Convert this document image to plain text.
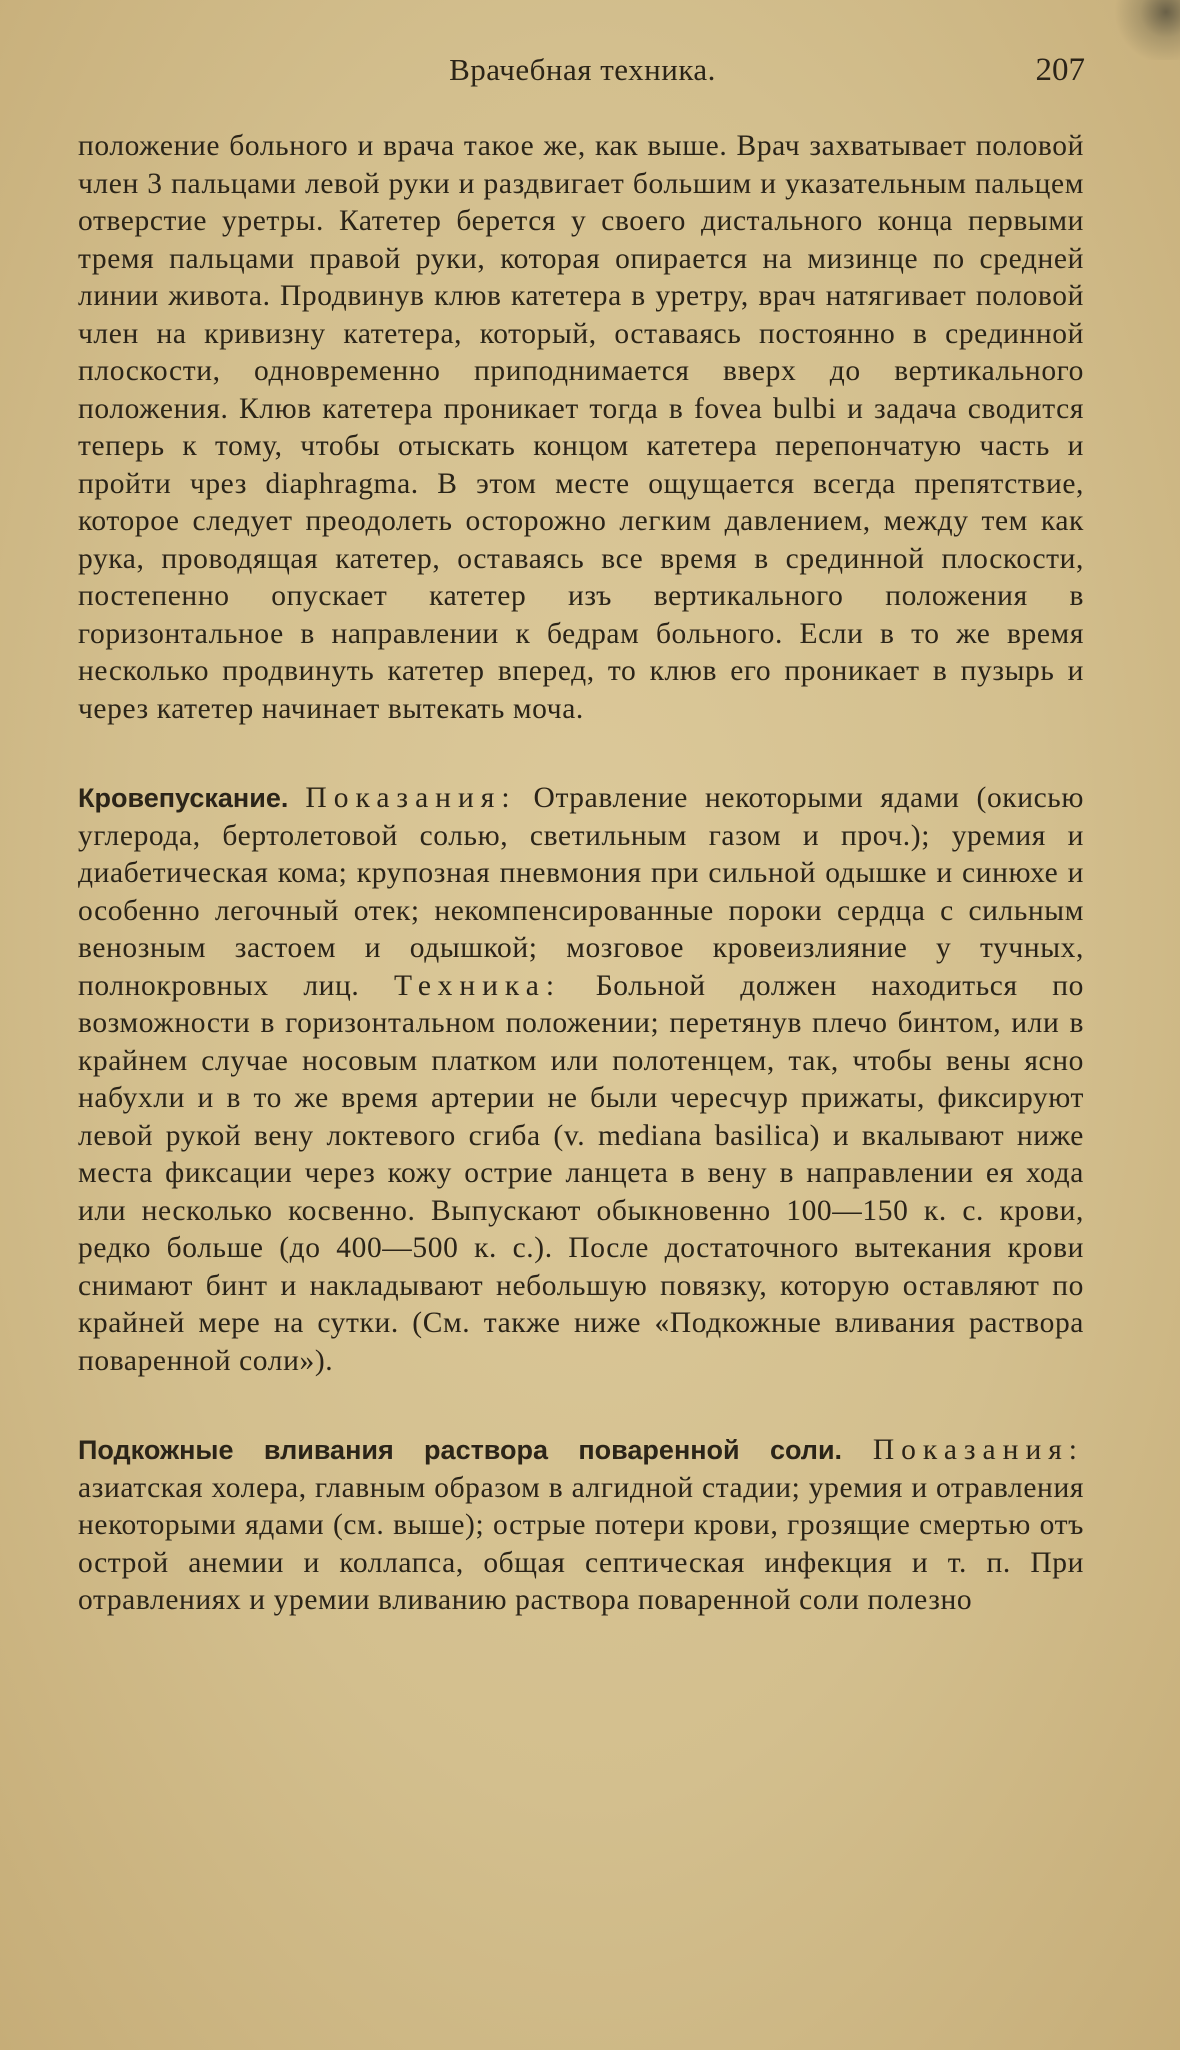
Врачебная техника.	207

положение больного и врача такое же, как выше. Врач захватывает половой член 3 пальцами левой руки и раздвигает большим и указательным пальцем отверстие уретры. Катетер берется у своего дистального конца первыми тремя пальцами правой руки, которая опирается на мизинце по средней линии живота. Продвинув клюв катетера в уретру, врач натягивает половой член на кривизну катетера, который, оставаясь постоянно в срединной плоскости, одновременно приподнимается вверх до вертикального положения. Клюв катетера проникает тогда в fovea bulbi и задача сводится теперь к тому, чтобы отыскать концом катетера перепончатую часть и пройти чрез diaphragma. В этом месте ощущается всегда препятствие, которое следует преодолеть осторожно легким давлением, между тем как рука, проводящая катетер, оставаясь все время в срединной плоскости, постепенно опускает катетер изъ вертикального положения в горизонтальное в направлении к бедрам больного. Если в то же время несколько продвинуть катетер вперед, то клюв его проникает в пузырь и через катетер начинает вытекать моча.

Кровепускание. Показания: Отравление некоторыми ядами (окисью углерода, бертолетовой солью, светильным газом и проч.); уремия и диабетическая кома; крупозная пневмония при сильной одышке и синюхе и особенно легочный отек; некомпенсированные пороки сердца с сильным венозным застоем и одышкой; мозговое кровеизлияние у тучных, полнокровных лиц. Техника: Больной должен находиться по возможности в горизонтальном положении; перетянув плечо бинтом, или в крайнем случае носовым платком или полотенцем, так, чтобы вены ясно набухли и в то же время артерии не были чересчур прижаты, фиксируют левой рукой вену локтевого сгиба (v. mediana basilica) и вкалывают ниже места фиксации через кожу острие ланцета в вену в направлении ея хода или несколько косвенно. Выпускают обыкновенно 100—150 к. с. крови, редко больше (до 400—500 к. с.). После достаточного вытекания крови снимают бинт и накладывают небольшую повязку, которую оставляют по крайней мере на сутки. (См. также ниже «Подкожные вливания раствора поваренной соли»).

Подкожные вливания раствора поваренной соли. Показания: азиатская холера, главным образом в алгидной стадии; уремия и отравления некоторыми ядами (см. выше); острые потери крови, грозящие смертью отъ острой анемии и коллапса, общая септическая инфекция и т. п. При отравлениях и уремии вливанию раствора поваренной соли полезно
